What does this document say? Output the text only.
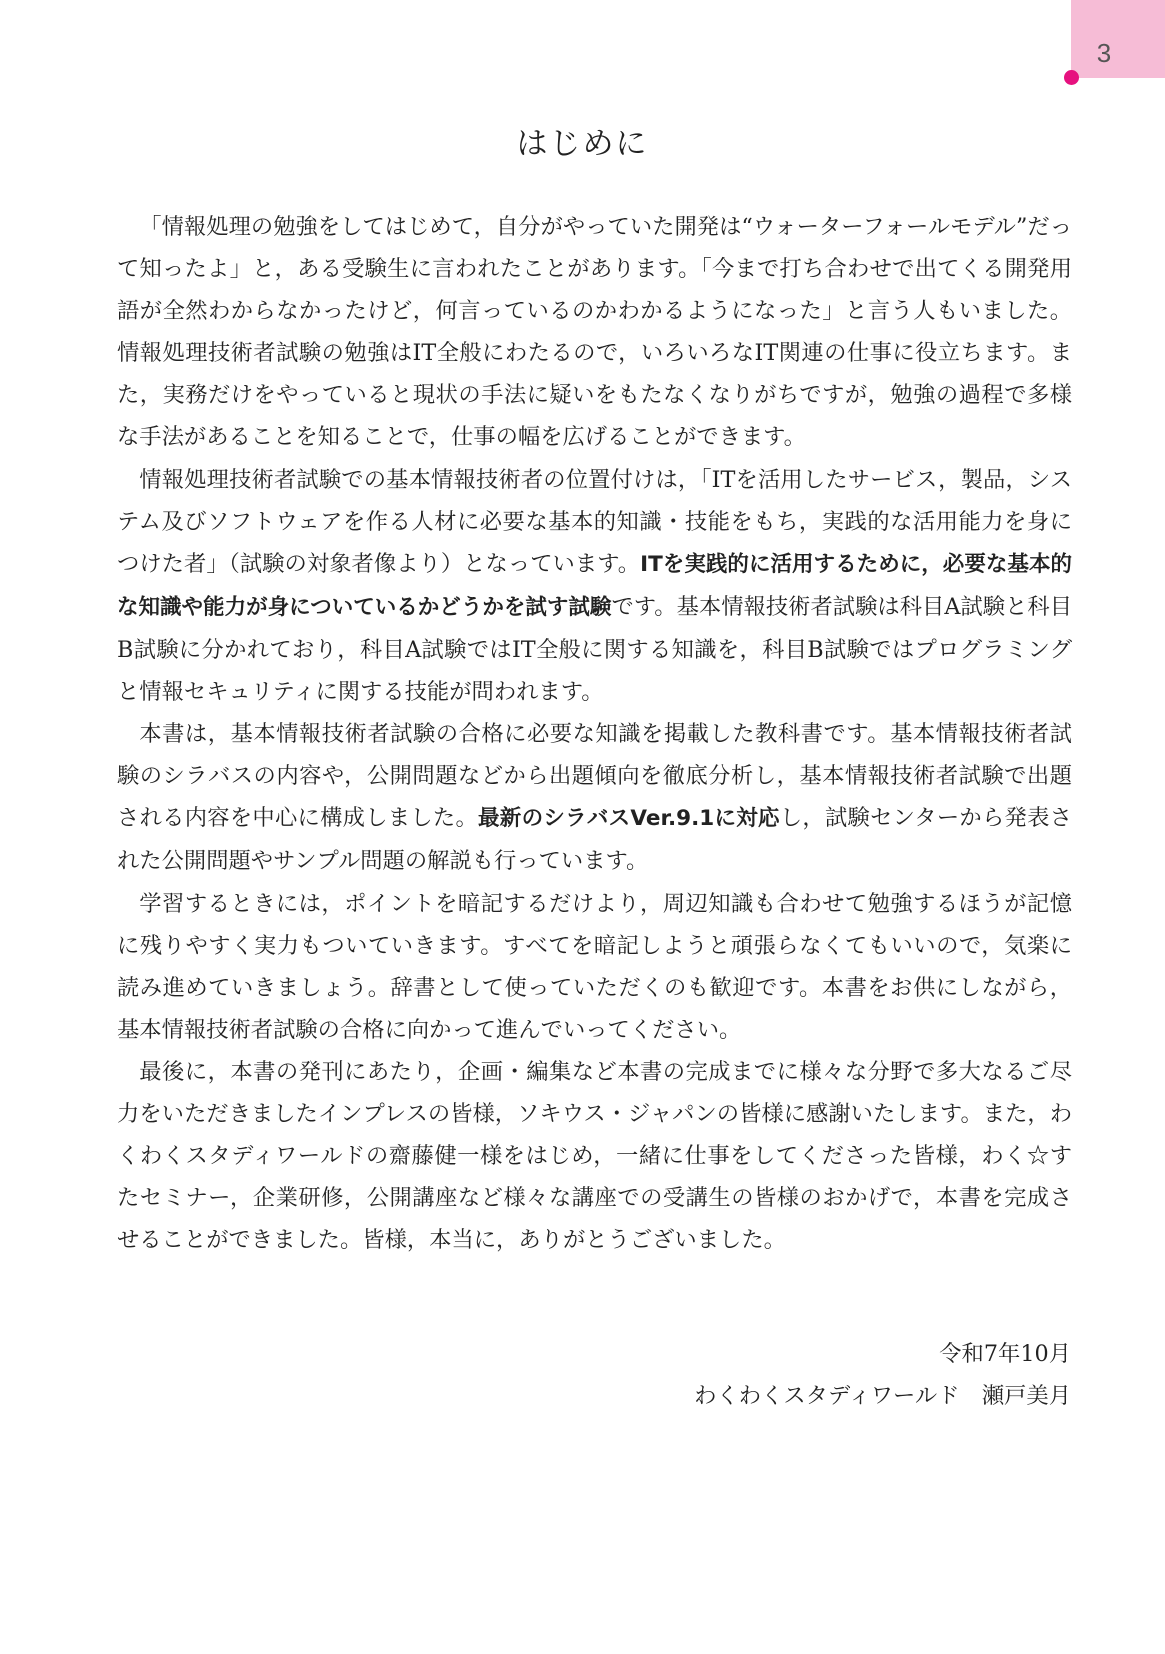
3
はじめに

「情報処理の勉強をしてはじめて，自分がやっていた開発は“ウォーターフォールモデル”だって知ったよ」と，ある受験生に言われたことがあります。「今まで打ち合わせで出てくる開発用語が全然わからなかったけど，何言っているのかわかるようになった」と言う人もいました。情報処理技術者試験の勉強はIT全般にわたるので，いろいろなIT関連の仕事に役立ちます。また，実務だけをやっていると現状の手法に疑いをもたなくなりがちですが，勉強の過程で多様な手法があることを知ることで，仕事の幅を広げることができます。

情報処理技術者試験での基本情報技術者の位置付けは，「ITを活用したサービス，製品，システム及びソフトウェアを作る人材に必要な基本的知識・技能をもち，実践的な活用能力を身につけた者」（試験の対象者像より）となっています。ITを実践的に活用するために，必要な基本的な知識や能力が身についているかどうかを試す試験です。基本情報技術者試験は科目A試験と科目B試験に分かれており，科目A試験ではIT全般に関する知識を，科目B試験ではプログラミングと情報セキュリティに関する技能が問われます。

本書は，基本情報技術者試験の合格に必要な知識を掲載した教科書です。基本情報技術者試験のシラバスの内容や，公開問題などから出題傾向を徹底分析し，基本情報技術者試験で出題される内容を中心に構成しました。最新のシラバスVer.9.1に対応し，試験センターから発表された公開問題やサンプル問題の解説も行っています。

学習するときには，ポイントを暗記するだけより，周辺知識も合わせて勉強するほうが記憶に残りやすく実力もついていきます。すべてを暗記しようと頑張らなくてもいいので，気楽に読み進めていきましょう。辞書として使っていただくのも歓迎です。本書をお供にしながら，基本情報技術者試験の合格に向かって進んでいってください。

最後に，本書の発刊にあたり，企画・編集など本書の完成までに様々な分野で多大なるご尽力をいただきましたインプレスの皆様，ソキウス・ジャパンの皆様に感謝いたします。また，わくわくスタディワールドの齋藤健一様をはじめ，一緒に仕事をしてくださった皆様，わく☆すたセミナー，企業研修，公開講座など様々な講座での受講生の皆様のおかげで，本書を完成させることができました。皆様，本当に，ありがとうございました。

令和7年10月
わくわくスタディワールド　瀬戸美月
